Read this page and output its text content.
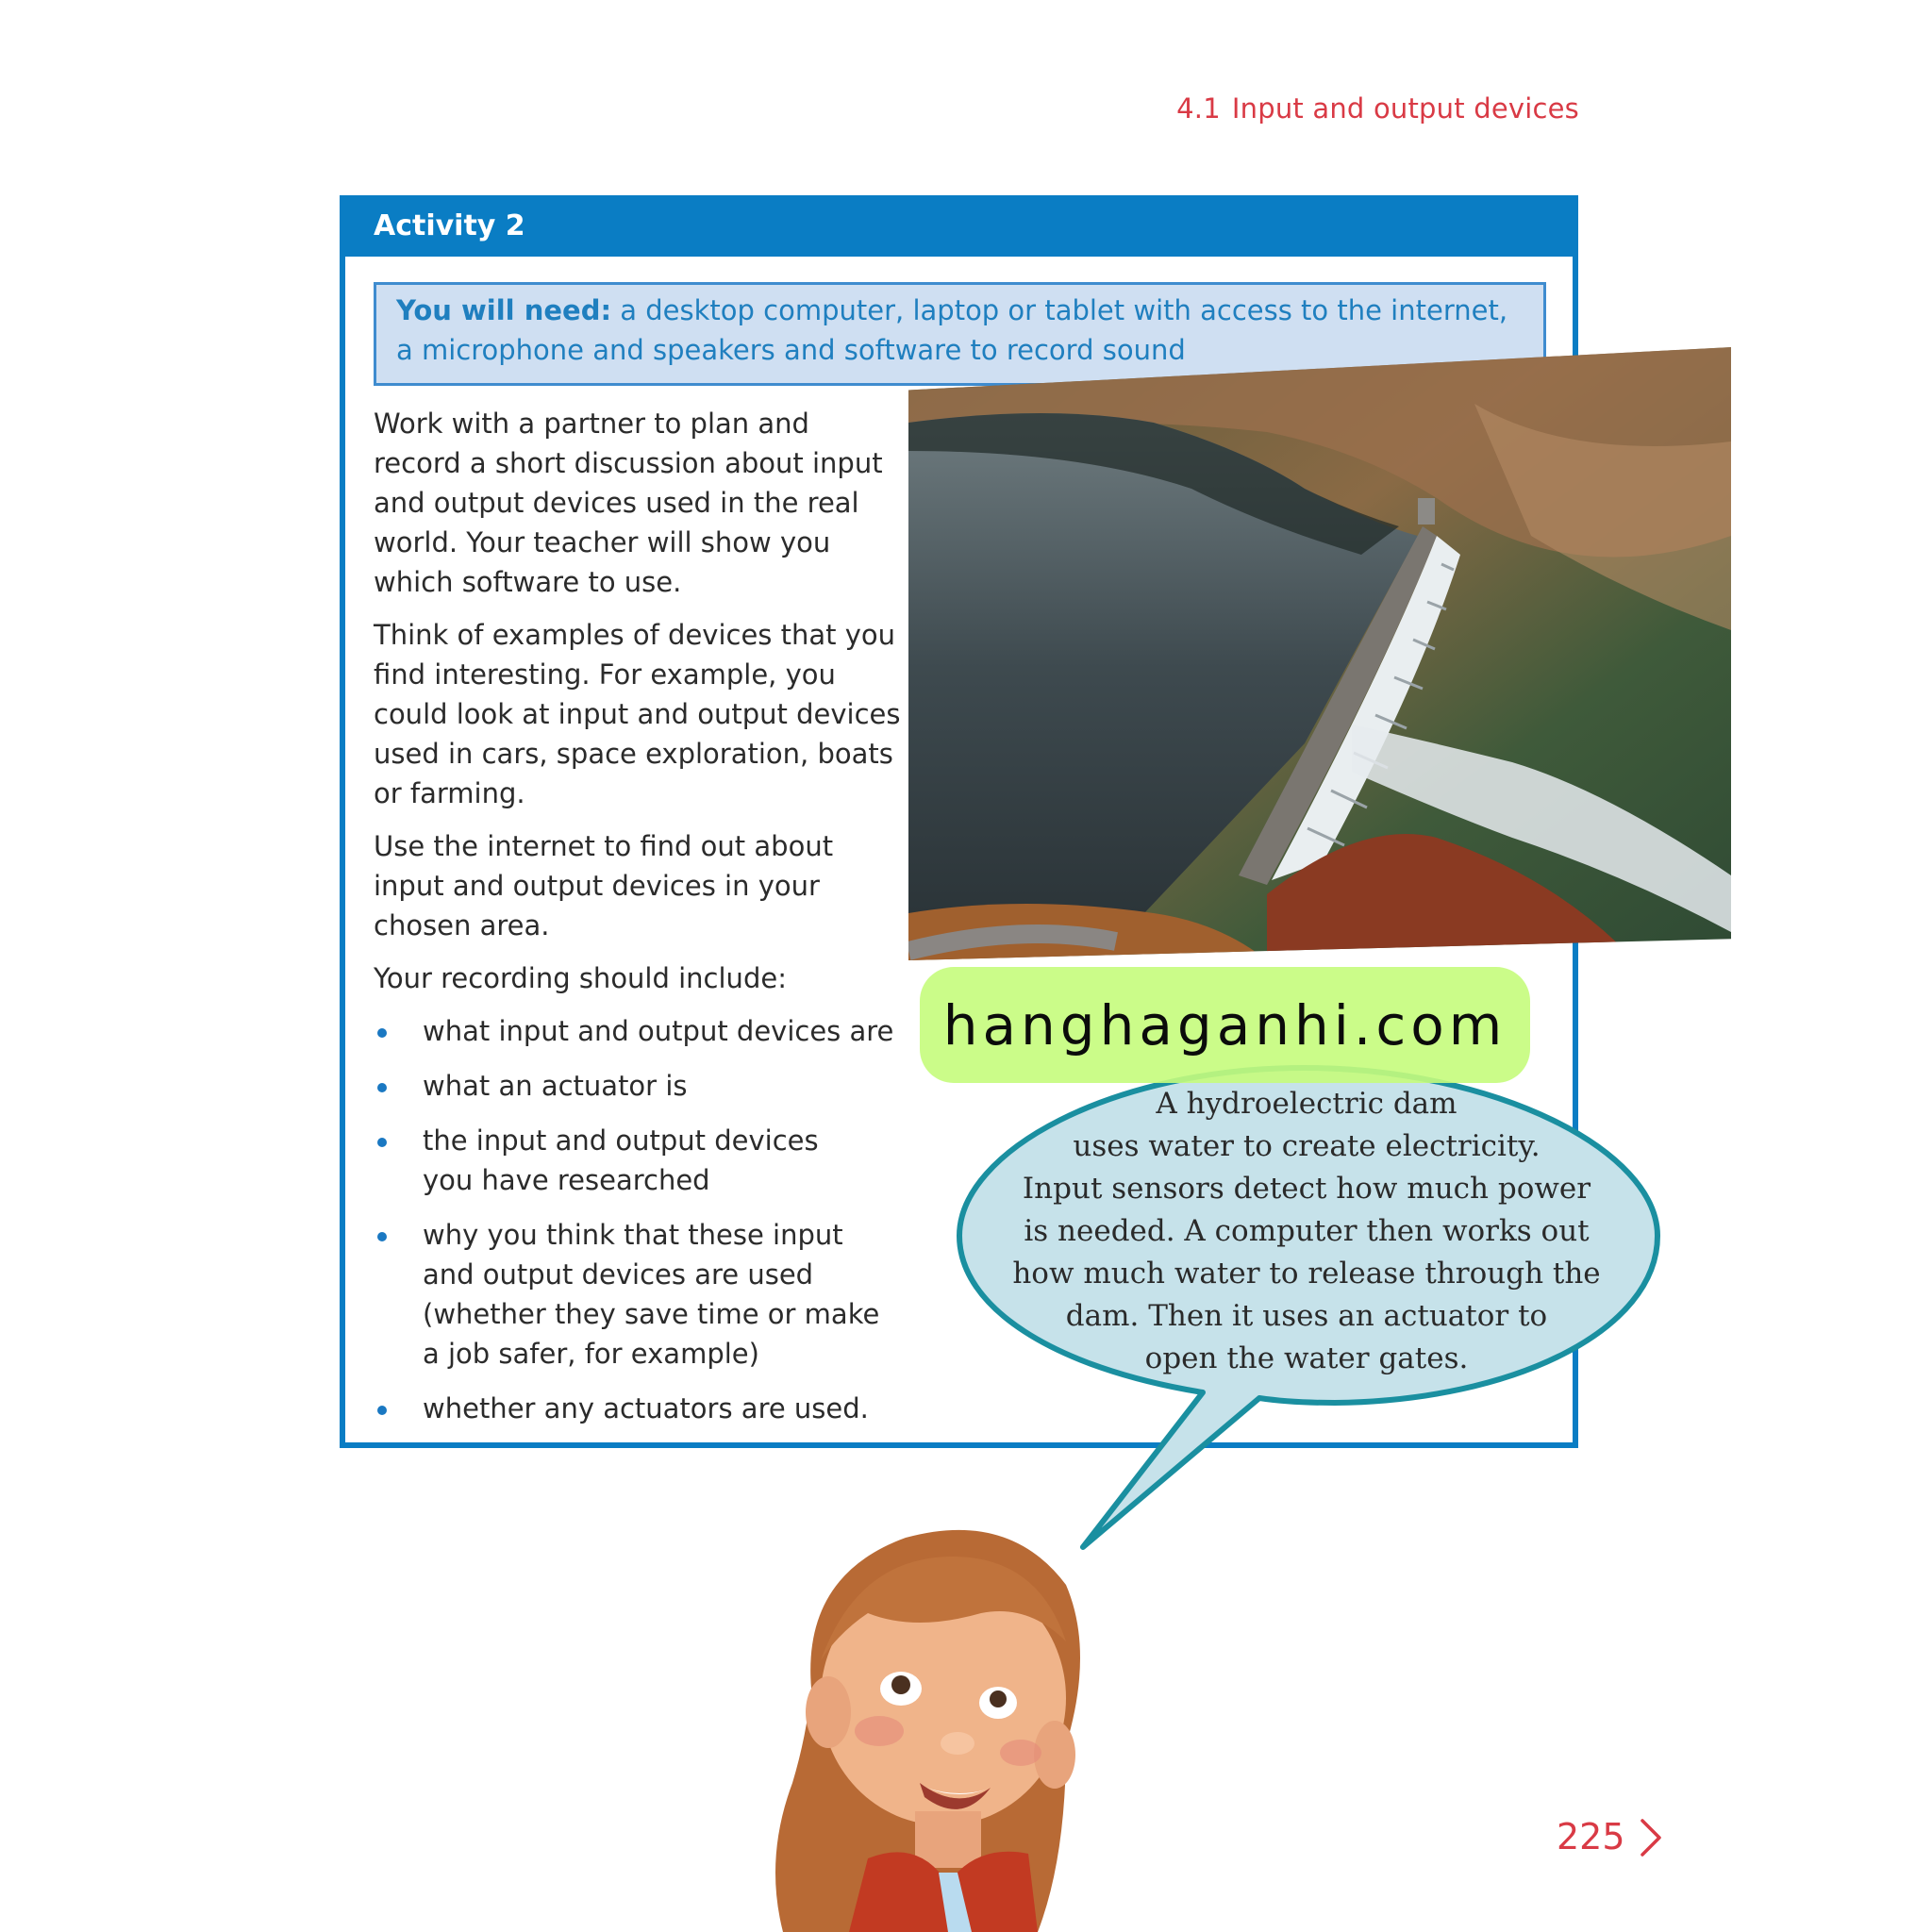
4.1 Input and output devices
Activity 2
You will need: a desktop computer, laptop or tablet with access to the internet,
a microphone and speakers and software to record sound

Work with a partner to plan and record a short discussion about input and output devices used in the real world. Your teacher will show you which software to use.

Think of examples of devices that you find interesting. For example, you could look at input and output devices used in cars, space exploration, boats or farming.

Use the internet to find out about input and output devices in your chosen area.

Your recording should include:

what input and output devices are
what an actuator is
the input and output devices you have researched
why you think that these input and output devices are used (whether they save time or make a job safer, for example)
whether any actuators are used.
A hydroelectric dam
uses water to create electricity.
Input sensors detect how much power
is needed. A computer then works out
how much water to release through the
dam. Then it uses an actuator to
open the water gates.
hanghaganhi.com
225
